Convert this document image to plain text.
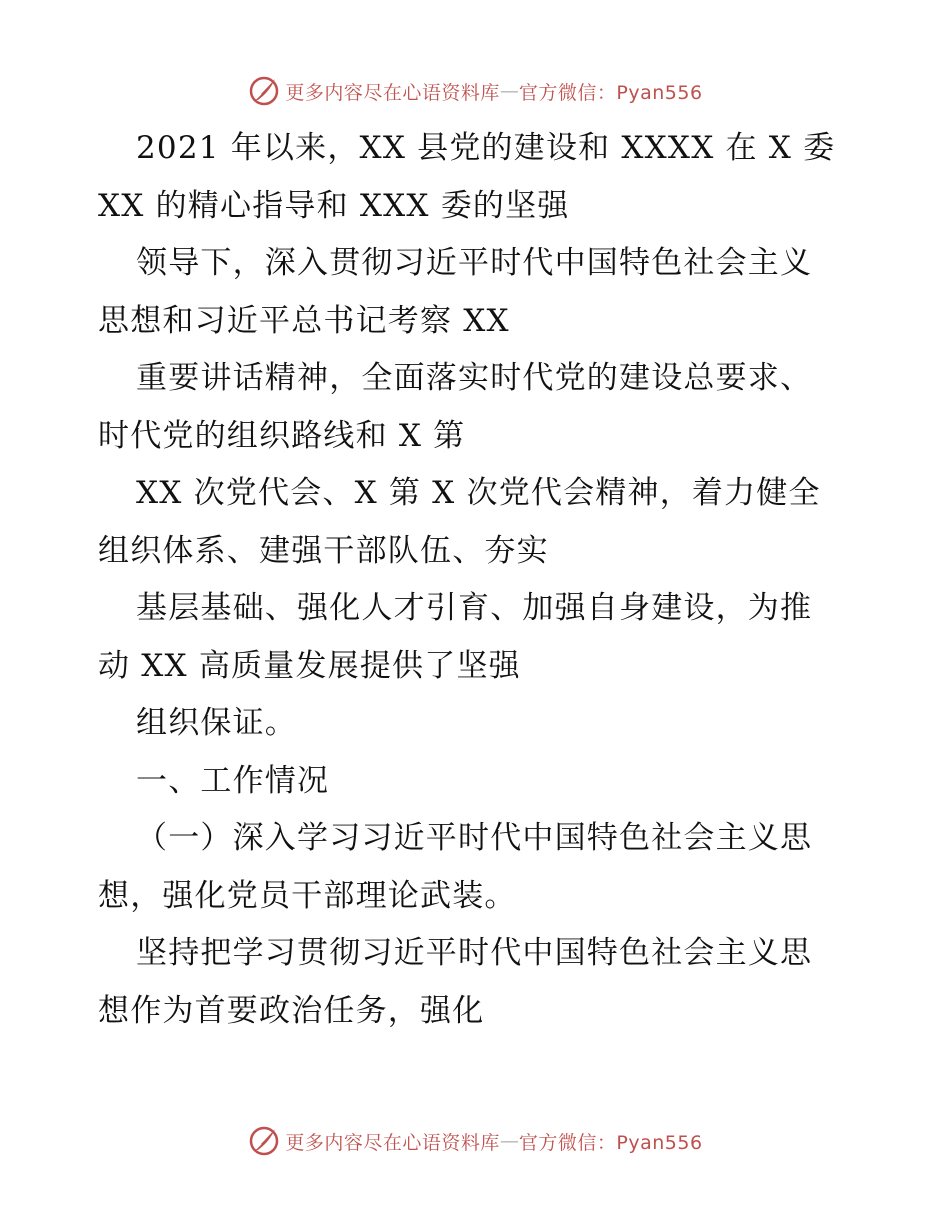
更多内容尽在心语资料库 — 官方微信：Pyan556
2021 年以来，XX 县党的建设和 XXXX 在 X 委
XX 的精心指导和 XXX 委的坚强
领导下，深入贯彻习近平时代中国特色社会主义
思想和习近平总书记考察 XX
重要讲话精神，全面落实时代党的建设总要求、
时代党的组织路线和 X 第
XX 次党代会、X 第 X 次党代会精神，着力健全
组织体系、建强干部队伍、夯实
基层基础、强化人才引育、加强自身建设，为推
动 XX 高质量发展提供了坚强
组织保证。
一、工作情况
（一）深入学习习近平时代中国特色社会主义思
想，强化党员干部理论武装。
坚持把学习贯彻习近平时代中国特色社会主义思
想作为首要政治任务，强化
更多内容尽在心语资料库 — 官方微信：Pyan556
